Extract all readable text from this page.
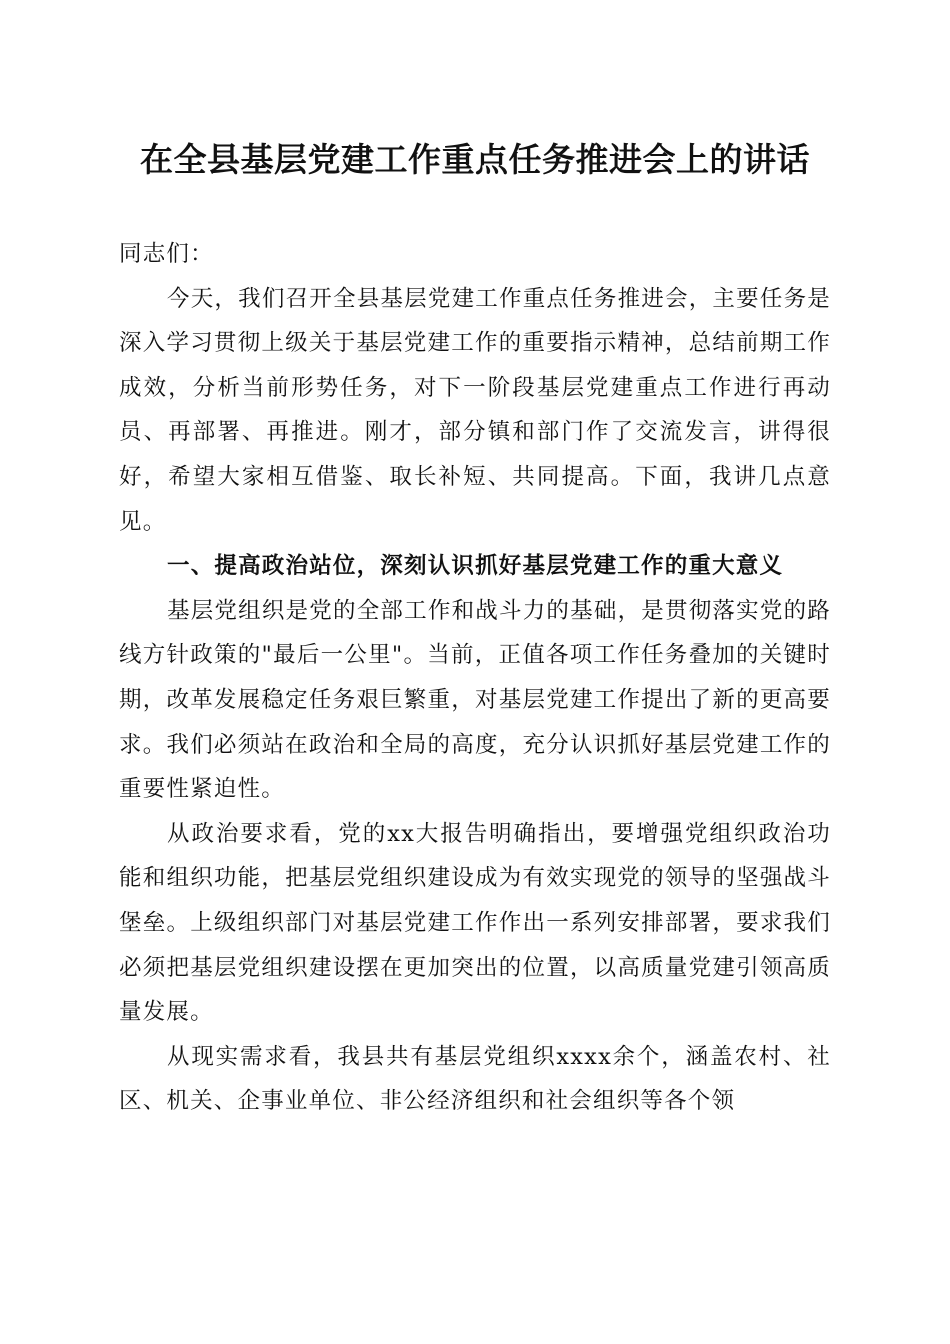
在全县基层党建工作重点任务推进会上的讲话

同志们：

今天，我们召开全县基层党建工作重点任务推进会，主要任务是深入学习贯彻上级关于基层党建工作的重要指示精神，总结前期工作成效，分析当前形势任务，对下一阶段基层党建重点工作进行再动员、再部署、再推进。刚才，部分镇和部门作了交流发言，讲得很好，希望大家相互借鉴、取长补短、共同提高。下面，我讲几点意见。

一、提高政治站位，深刻认识抓好基层党建工作的重大意义

基层党组织是党的全部工作和战斗力的基础，是贯彻落实党的路线方针政策的"最后一公里"。当前，正值各项工作任务叠加的关键时期，改革发展稳定任务艰巨繁重，对基层党建工作提出了新的更高要求。我们必须站在政治和全局的高度，充分认识抓好基层党建工作的重要性紧迫性。

从政治要求看，党的xx大报告明确指出，要增强党组织政治功能和组织功能，把基层党组织建设成为有效实现党的领导的坚强战斗堡垒。上级组织部门对基层党建工作作出一系列安排部署，要求我们必须把基层党组织建设摆在更加突出的位置，以高质量党建引领高质量发展。

从现实需求看，我县共有基层党组织xxxx余个，涵盖农村、社区、机关、企事业单位、非公经济组织和社会组织等各个领
